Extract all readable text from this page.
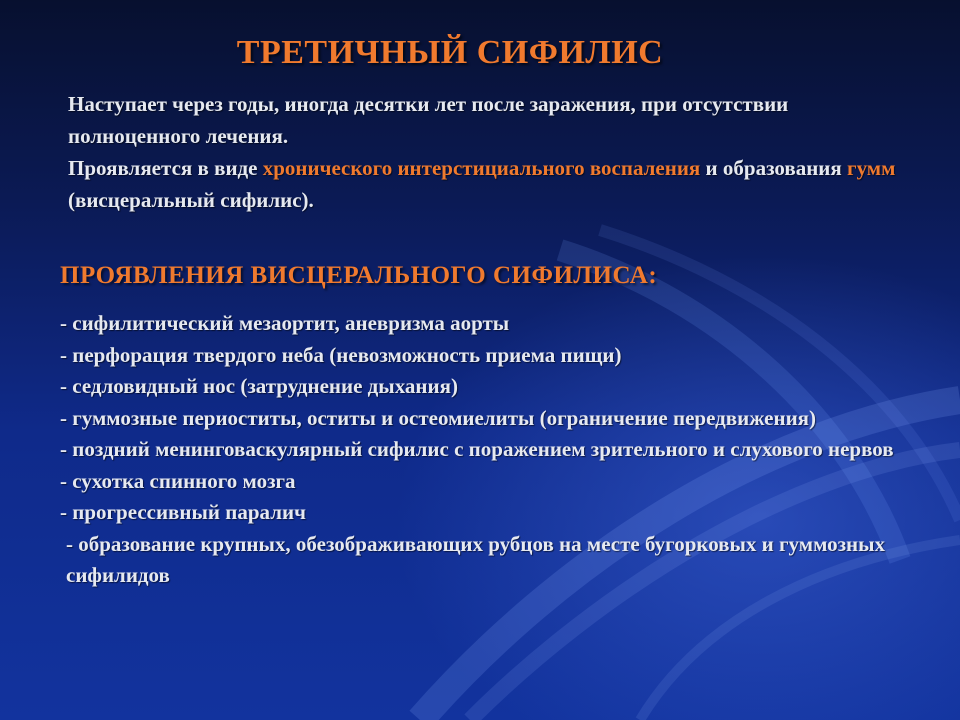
ТРЕТИЧНЫЙ СИФИЛИС

Наступает через годы, иногда десятки лет после заражения, при отсутствии полноценного лечения.

Проявляется в виде хронического интерстициального воспаления и образования гумм (висцеральный сифилис).

ПРОЯВЛЕНИЯ ВИСЦЕРАЛЬНОГО СИФИЛИСА:
- сифилитический мезаортит, аневризма аорты
- перфорация твердого неба (невозможность приема пищи)
- седловидный нос (затруднение дыхания)
- гуммозные периоститы, оститы и остеомиелиты (ограничение передвижения)
- поздний менинговаскулярный сифилис с поражением зрительного и слухового нервов
- сухотка спинного мозга
- прогрессивный паралич
- образование крупных, обезображивающих рубцов на месте бугорковых и гуммозных сифилидов
